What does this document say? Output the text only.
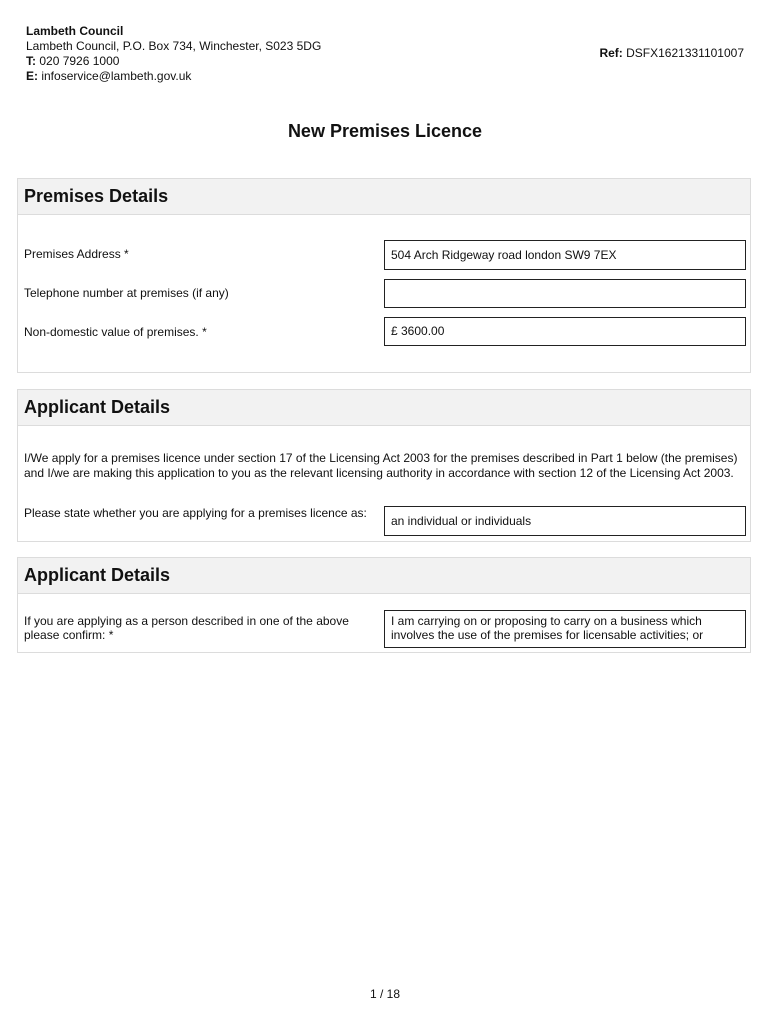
Lambeth Council
Lambeth Council, P.O. Box 734, Winchester, S023 5DG
T: 020 7926 1000
E: infoservice@lambeth.gov.uk
Ref: DSFX1621331101007
New Premises Licence
Premises Details
Premises Address *	504 Arch Ridgeway road london SW9 7EX
Telephone number at premises (if any)
Non-domestic value of premises. *	£ 3600.00
Applicant Details
I/We apply for a premises licence under section 17 of the Licensing Act 2003 for the premises described in Part 1 below (the premises) and I/we are making this application to you as the relevant licensing authority in accordance with section 12 of the Licensing Act 2003.
Please state whether you are applying for a premises licence as:
an individual or individuals
Applicant Details
If you are applying as a person described in one of the above please confirm: *
I am carrying on or proposing to carry on a business which involves the use of the premises for licensable activities; or
1 / 18
